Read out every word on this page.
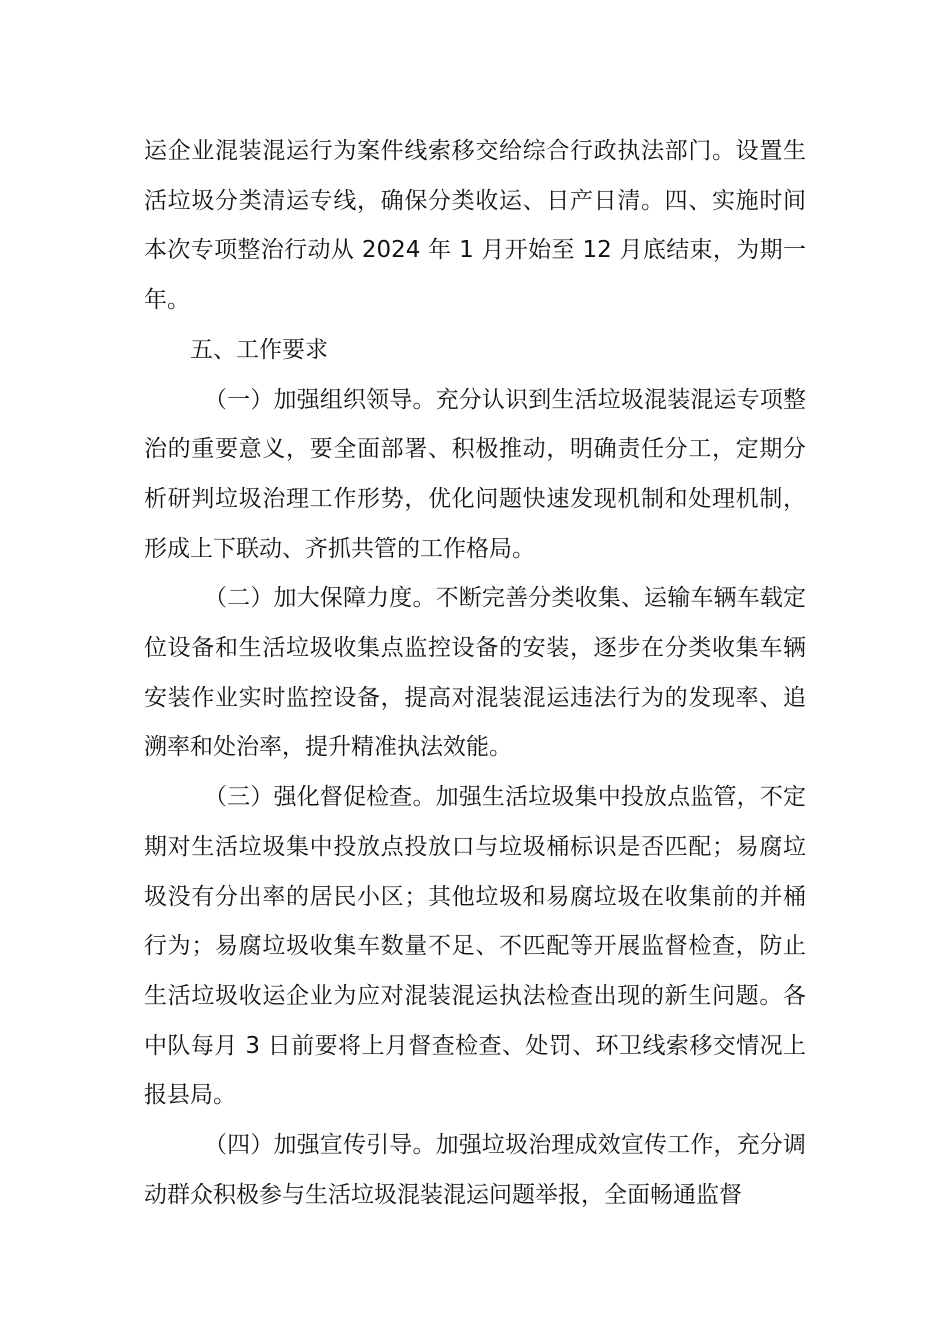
运企业混装混运行为案件线索移交给综合行政执法部门。设置生活垃圾分类清运专线，确保分类收运、日产日清。四、实施时间本次专项整治行动从 2024 年 1 月开始至 12 月底结束，为期一年。

五、工作要求

（一）加强组织领导。充分认识到生活垃圾混装混运专项整治的重要意义，要全面部署、积极推动，明确责任分工，定期分析研判垃圾治理工作形势，优化问题快速发现机制和处理机制，形成上下联动、齐抓共管的工作格局。

（二）加大保障力度。不断完善分类收集、运输车辆车载定位设备和生活垃圾收集点监控设备的安装，逐步在分类收集车辆安装作业实时监控设备，提高对混装混运违法行为的发现率、追溯率和处治率，提升精准执法效能。

（三）强化督促检查。加强生活垃圾集中投放点监管，不定期对生活垃圾集中投放点投放口与垃圾桶标识是否匹配；易腐垃圾没有分出率的居民小区；其他垃圾和易腐垃圾在收集前的并桶行为；易腐垃圾收集车数量不足、不匹配等开展监督检查，防止生活垃圾收运企业为应对混装混运执法检查出现的新生问题。各中队每月 3 日前要将上月督查检查、处罚、环卫线索移交情况上报县局。

（四）加强宣传引导。加强垃圾治理成效宣传工作，充分调动群众积极参与生活垃圾混装混运问题举报，全面畅通监督
